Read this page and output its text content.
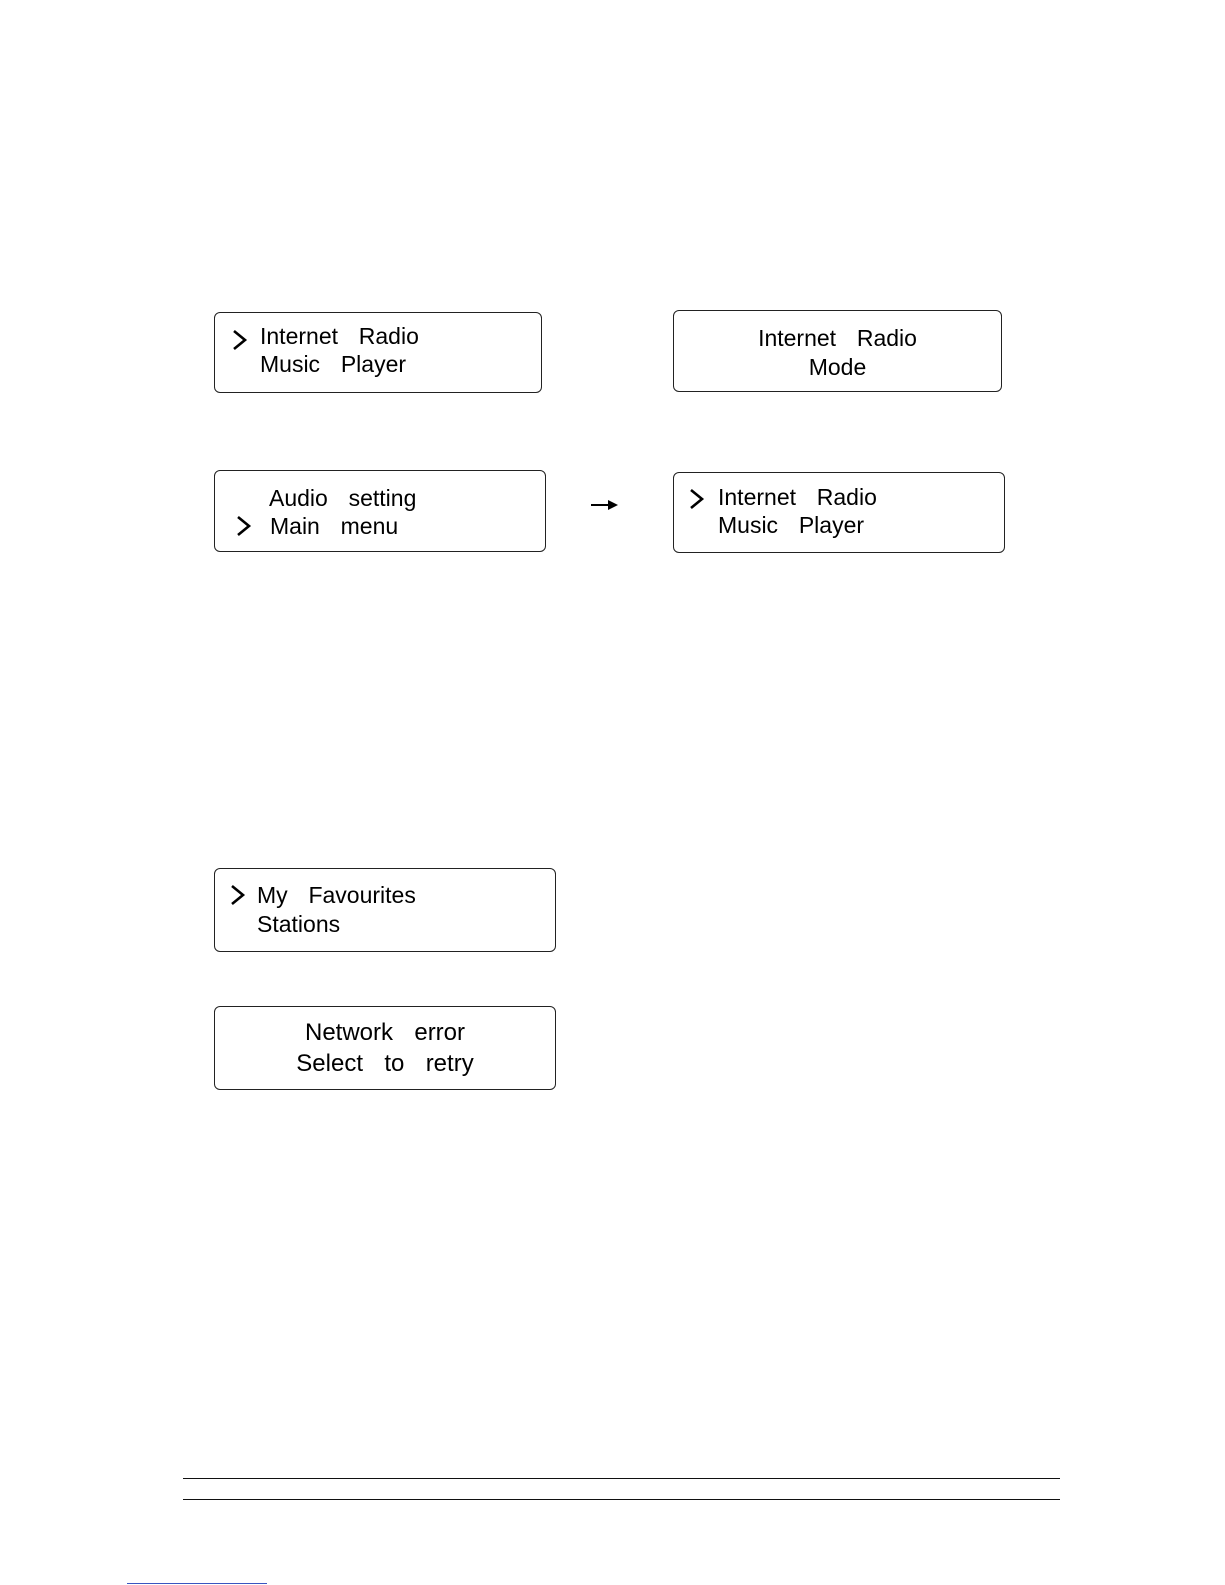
Internet  Radio
Music  Player
Internet  Radio
Mode
Audio  setting
Main  menu
Internet  Radio
Music  Player
My  Favourites
Stations
Network  error
Select  to  retry
